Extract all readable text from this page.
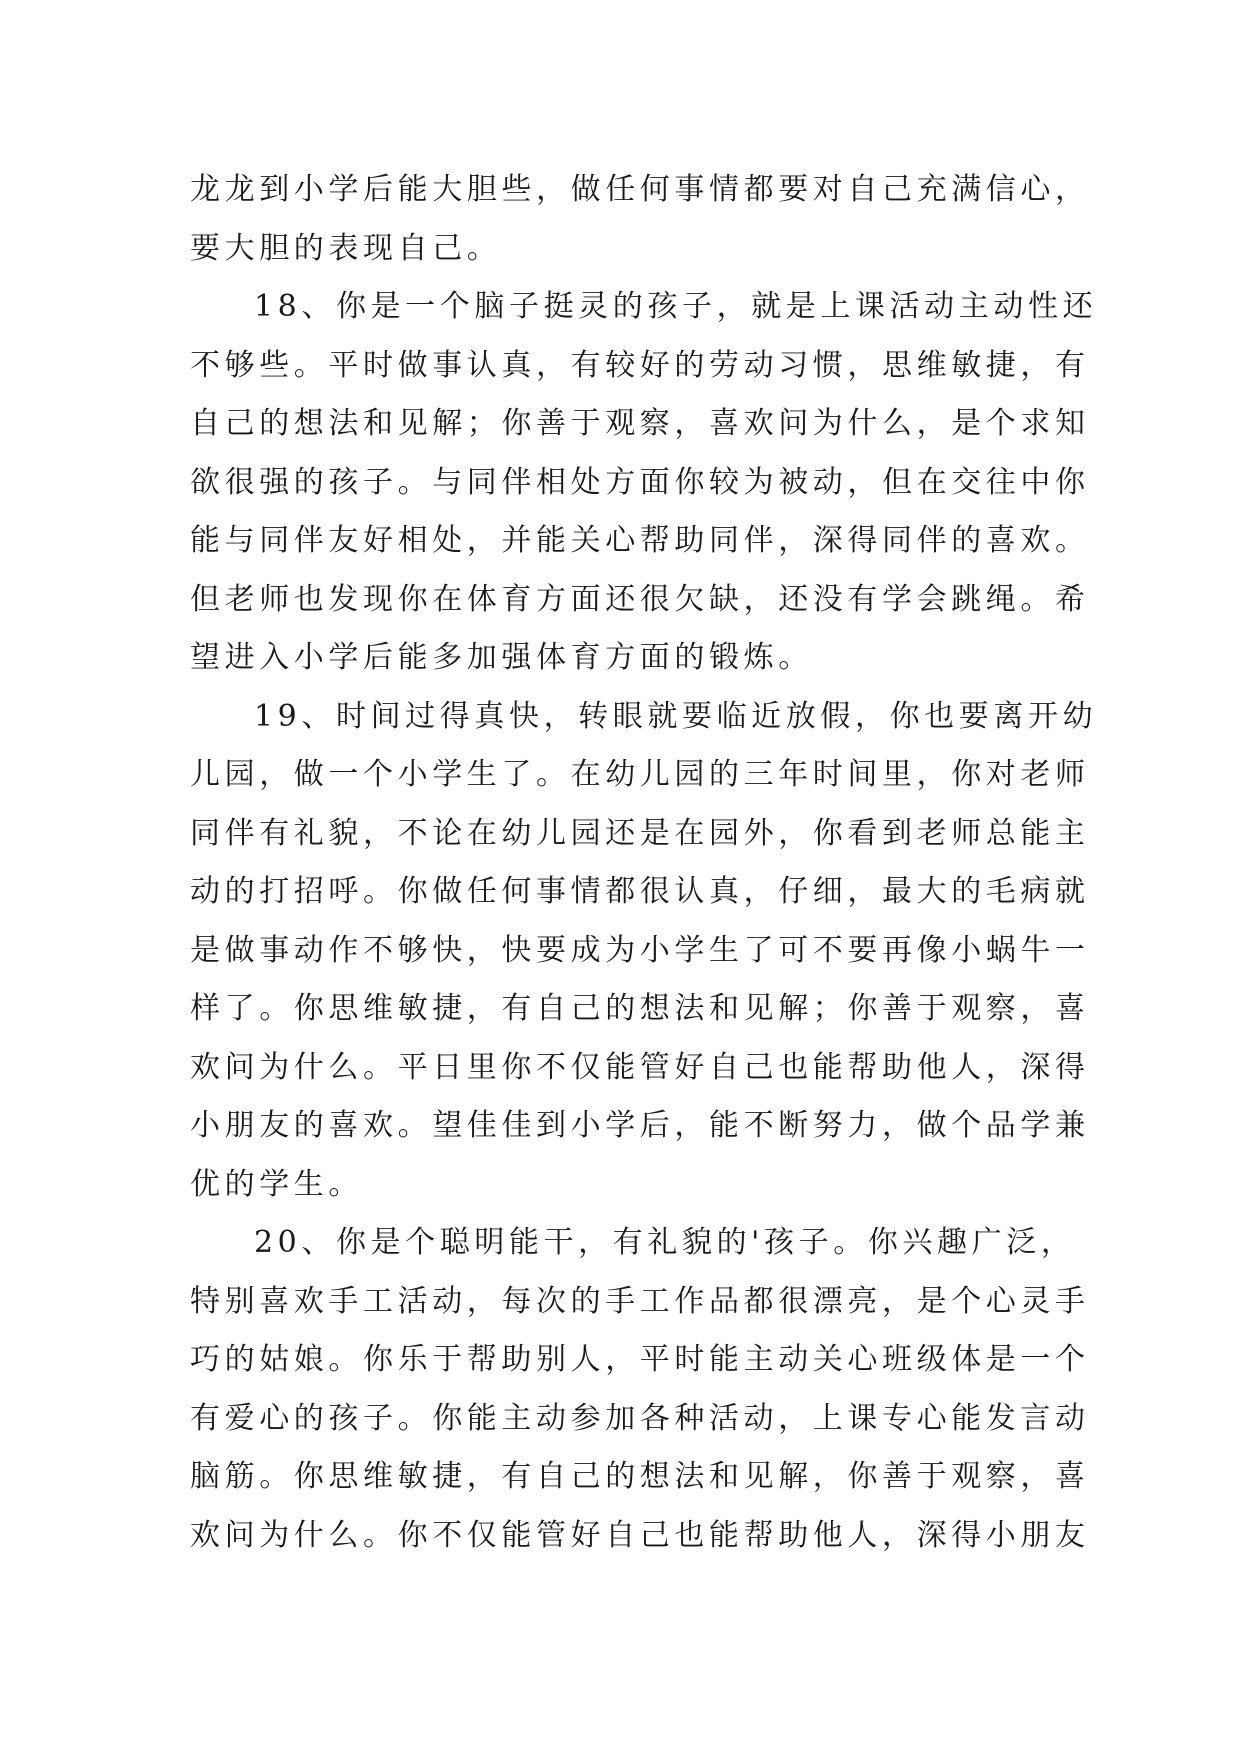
龙龙到小学后能大胆些，做任何事情都要对自己充满信心，
要大胆的表现自己。
18、你是一个脑子挺灵的孩子，就是上课活动主动性还
不够些。平时做事认真，有较好的劳动习惯，思维敏捷，有
自己的想法和见解；你善于观察，喜欢问为什么，是个求知
欲很强的孩子。与同伴相处方面你较为被动，但在交往中你
能与同伴友好相处，并能关心帮助同伴，深得同伴的喜欢。
但老师也发现你在体育方面还很欠缺，还没有学会跳绳。希
望进入小学后能多加强体育方面的锻炼。
19、时间过得真快，转眼就要临近放假，你也要离开幼
儿园，做一个小学生了。在幼儿园的三年时间里，你对老师
同伴有礼貌，不论在幼儿园还是在园外，你看到老师总能主
动的打招呼。你做任何事情都很认真，仔细，最大的毛病就
是做事动作不够快，快要成为小学生了可不要再像小蜗牛一
样了。你思维敏捷，有自己的想法和见解；你善于观察，喜
欢问为什么。平日里你不仅能管好自己也能帮助他人，深得
小朋友的喜欢。望佳佳到小学后，能不断努力，做个品学兼
优的学生。
20、你是个聪明能干，有礼貌的'孩子。你兴趣广泛，
特别喜欢手工活动，每次的手工作品都很漂亮，是个心灵手
巧的姑娘。你乐于帮助别人，平时能主动关心班级体是一个
有爱心的孩子。你能主动参加各种活动，上课专心能发言动
脑筋。你思维敏捷，有自己的想法和见解，你善于观察，喜
欢问为什么。你不仅能管好自己也能帮助他人，深得小朋友
